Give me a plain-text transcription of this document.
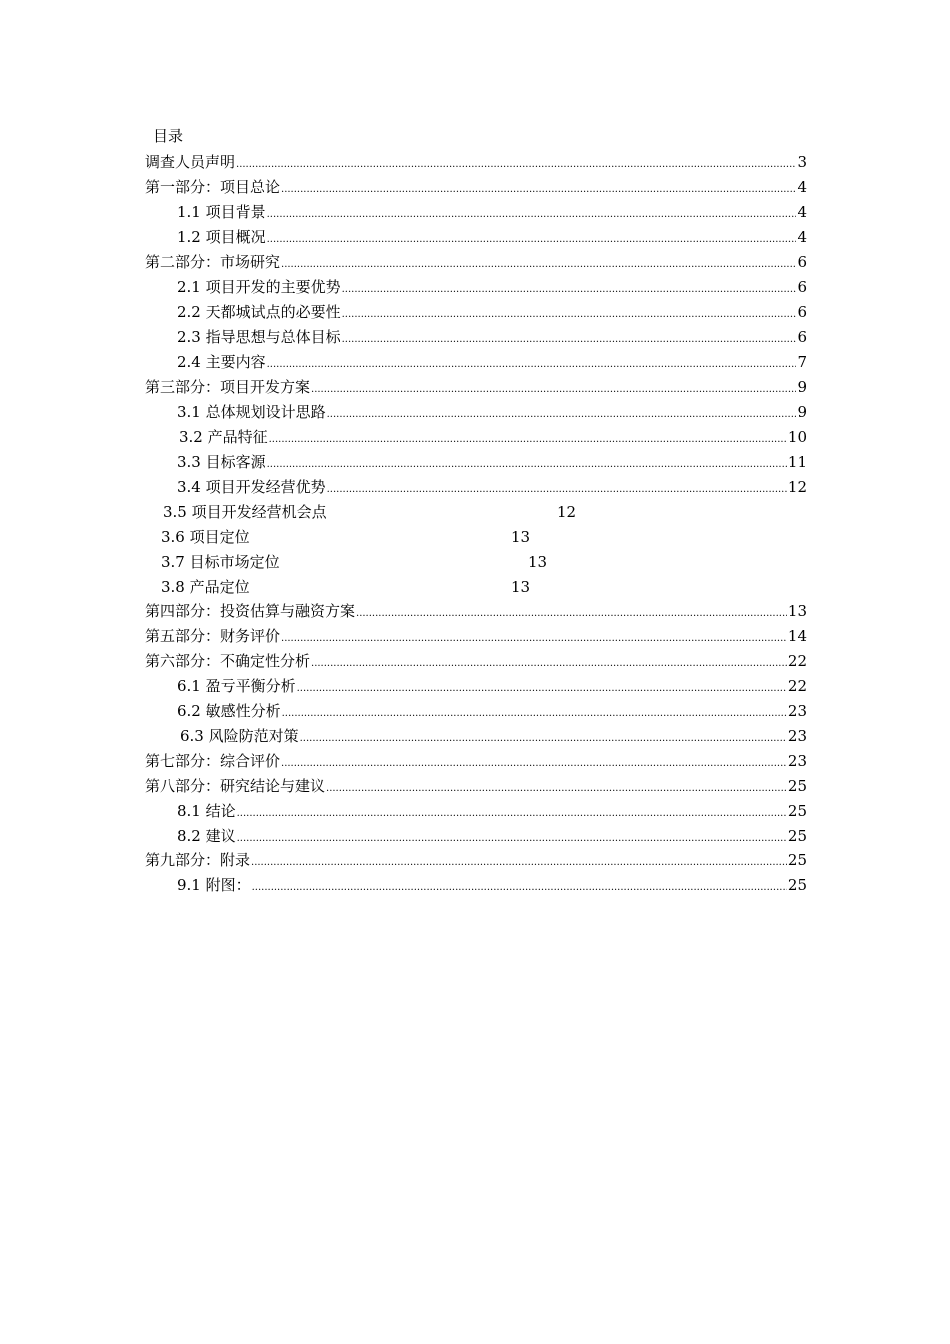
目录
调查人员声明 .....	3
第一部分：项目总论 .....	4
1.1 项目背景 .....	4
1.2 项目概况 .....	4
第二部分：市场研究 .....	6
2.1 项目开发的主要优势 .....	6
2.2 天都城试点的必要性 .....	6
2.3 指导思想与总体目标 .....	6
2.4 主要内容 .....	7
第三部分：项目开发方案 .....	9
3.1 总体规划设计思路 .....	9
3.2 产品特征 .....	10
3.3 目标客源 .....	11
3.4 项目开发经营优势 .....	12
3.5 项目开发经营机会点	12
3.6 项目定位	13
3.7 目标市场定位	13
3.8 产品定位	13
第四部分：投资估算与融资方案 .....	13
第五部分：财务评价 .....	14
第六部分：不确定性分析 .....	22
6.1 盈亏平衡分析 .....	22
6.2 敏感性分析 .....	23
6.3 风险防范对策 .....	23
第七部分：综合评价 .....	23
第八部分：研究结论与建议 .....	25
8.1 结论 .....	25
8.2 建议 .....	25
第九部分：附录 .....	25
9.1 附图： .....	25
